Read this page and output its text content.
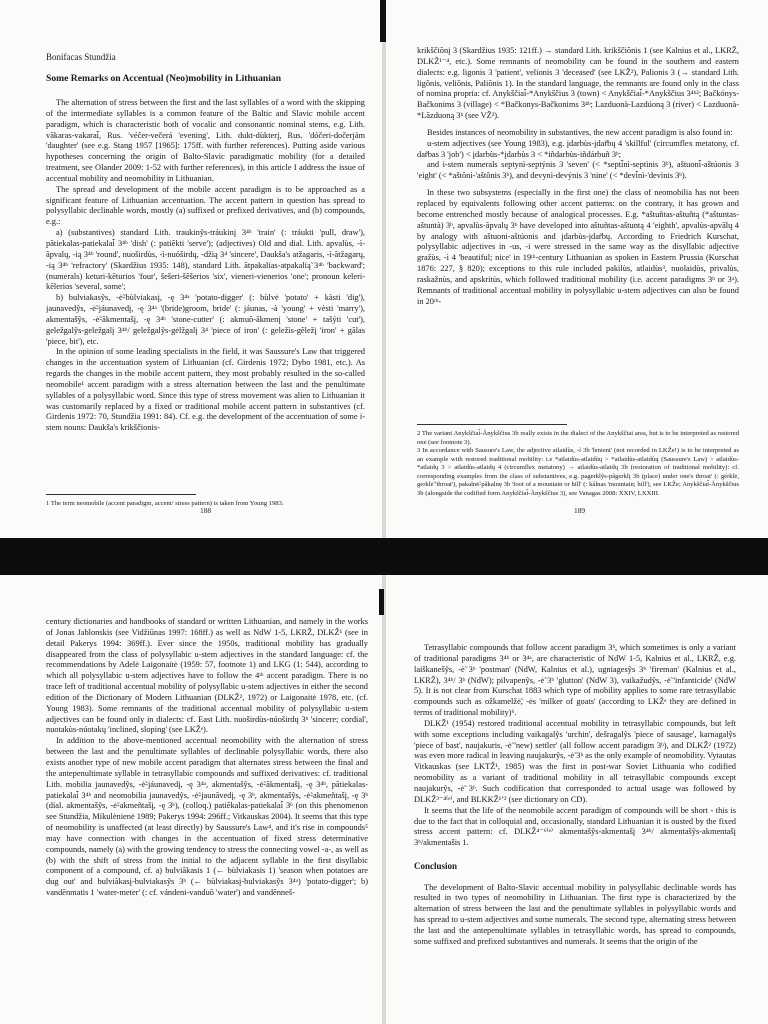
Bonifacas Stundžia
Some Remarks on Accentual (Neo)mobility in Lithuanian

The alternation of stress between the first and the last syllables of a word with the skipping of the intermediate syllables is a common feature of the Baltic and Slavic mobile accent paradigm, which is characteristic both of vocalic and consonantic nominal stems, e.g. Lith. vãkaras-vakarai̇̃, Rus. 'véčer-večerá 'evening', Lith. dukt-dùkterį, Rus. 'dóčeri-dočerjám 'daughter' (see e.g. Stang 1957 [1965]: 175ff. with further references). Putting aside various hypotheses concerning the origin of Balto-Slavic paradigmatic mobility (for a detailed treatment, see Olander 2009: 1-52 with further references), in this article I address the issue of accentual mobility and neomobility in Lithuanian.

The spread and development of the mobile accent paradigm is to be approached as a significant feature of Lithuanian accentuation. The accent pattern in question has spread to polysyllabic declinable words, mostly (a) suffixed or prefixed derivatives, and (b) compounds, e.g.:

a) (substantives) standard Lith. traukinỹs-tráukinį 3⁴ᵇ 'train' (: tráukti 'pull, draw'), pãtiekalas-patiekalai̇̃ 3⁴ᵇ 'dish' (: patiẽkti 'serve'); (adjectives) Old and dial. Lith. apvalùs, -ì-ãpvalų, -ią 3⁴ᵇ 'round', nuoširdùs, -ì-nuóširdų, -džią 3⁴ 'sincere', Daukša's atžagaris, -ì-ãtžagarų, -ią 3⁴ᵇ 'refractory' (Skardžius 1935: 148), standard Lith. ãtpakalias-atpakalią̃ 3⁴ᵇ 'backward'; (numerals) keturi-kẽturios 'four', šešeri-šẽšerios 'six', vieneri-vienerios 'one'; pronoun keleri-kẽlerios 'several, some';

b) bulviakasỹs, -ė̃-bùlviakasį, -ę 3⁴ᵃ 'potato-digger' (: bùlvė 'potato' + kàsti 'dig'), jaunavedỹs, -ė̃-jáunavedį, -ę 3⁴ᵃ '(bride)groom, bride' (: jáunas, -à 'young' + vèsti 'marry'), akmentašỹs, -ė̃-ãkmentašį, -ę 3⁴ᵇ 'stone-cutter' (: akmuõ-ãkmenį 'stone' + tašýti 'cut'), geležgalỹs-geležgalį 3⁴ᵇ/ geležgalỹs-gėlžgalį 3⁴ 'piece of iron' (: geležìs-gẽležį 'iron' + gãlas 'piece, bit'), etc.

In the opinion of some leading specialists in the field, it was Saussure's Law that triggered changes in the accentuation system of Lithuanian (cf. Girdenis 1972; Dybo 1981, etc.). As regards the changes in the mobile accent pattern, they most probably resulted in the so-called neomobile¹ accent paradigm with a stress alternation between the last and the penultimate syllables of a polysyllabic word. Since this type of stress movement was alien to Lithuanian it was customarily replaced by a fixed or traditional mobile accent pattern in substantives (cf. Girdenis 1972: 70, Stundžia 1991: 84). Cf. e.g. the development of the accentuation of some i-stem nouns: Daukša's krikščionis-

1 The term neomobile (accent paradigm, accent/ stress pattern) is taken from Young 1983.
188

krikščiõnį 3 (Skardžius 1935: 121ff.) → standard Lith. krikščiõnis 1 (see Kalnius et al., LKRŽ, DLKŽ¹⁻⁴, etc.). Some remnants of neomobility can be found in the southern and eastern dialects: e.g. ligonis 3 'patient', velionis 3 'deceased' (see LKŽ²), Palionis 3 (→ standard Lith. ligõnis, veliõnis, Paliõnis 1). In the standard language, the remnants are found only in the class of nomina propria: cf. Anykščiai̇̃-*Anykščius 3 (town) < Anykščiai̇̃-*Anykščius 3⁴ᵇ²; Bačkónys-Bačkonims 3 (village) < *Bačkonys-Bačkonims 3⁴ᵇ; Lazduonà-Lazdúoną 3 (river) < Lazduonà-*Lãzduoną 3ᵇ (see VŽ²).

Besides instances of neomobility in substantives, the new accent paradigm is also found in:

u-stem adjectives (see Young 1983), e.g. įdarbùs-įdar̃bų 4 'skillful' (circumflex metatony, cf. dar̃bas 3 'job') < įdarbùs-*įdarbùs 3 < *iñdarbùs-iñdárbuñ 3ᵇ;

and i-stem numerals septynì-septýnis 3 'seven' (< *septi̇̃nì-septìnis 3ᵇ), aštuoni̇̃-aštúonis 3 'eight' (< *aštõnì-'aštõnis 3ᵇ), and devynì-devýnis 3 'nine' (< *devi̇̃nì-'devìnis 3ᵇ).

In these two subsystems (especially in the first one) the class of neomobilia has not been replaced by equivalents following other accent patterns: on the contrary, it has grown and become entrenched mostly because of analogical processes. E.g. *aštuñtas-aštuñtą (*aštuntas-aštuntà) 3ᵇ, apvalùs-ãpvalų 3ᵇ have developed into aštuñtas-aštuntą 4 'eighth', apvalùs-apvãlų 4 by analogy with aštuoni-aštúonis and įdarbùs-įdar̃bų. According to Friedrich Kurschat, polysyllabic adjectives in -us, -i were stressed in the same way as the disyllabic adjective gražùs, -ì 4 'beautiful; nice' in 19ᵗʰ-century Lithuanian as spoken in Eastern Prussia (Kurschat 1876: 227, § 820); exceptions to this rule included pakilùs, atlaidùs³, nuolaidùs, privalùs, raskažnùs, and apskritùs, which followed traditional mobility (i.e. accent paradigms 3ᵇ or 3ᵃ). Remnants of traditional accentual mobility in polysyllabic u-stem adjectives can also be found in 20ᵗʰ-

2 The variant Anykščiai̇̃-Ãnykščius 3b really exists in the dialect of the Anykščiai area, but is to be interpreted as restored one (see footnote 3).
3 In accordance with Sausure's Law, the adjective atlaidùs, -ì 3b 'lenient' (not recorded in LKŽe!) is to be interpreted as an example with restored traditional mobility: i.e *atlaidùs-atlaidùų > *atlaidùs-atlaidùų (Saussure's Law) > atlaidùs-*atlaidų 3 > atlaidùs-atlaidų 4 (circumflex metatony) → atlaidùs-atlaidų 3b (restoration of traditional mobility): cf. corresponding examples from the class of substantives, e.g. pagerklỹs-pãgerklį 3b (place) under one's throat' (: gérklė, gerklė̃ 'throat'), pakalnė̃-pãkalnę 3b 'foot of a mountain or hill' (: kálnas 'mountain; hill'), see LKŽe; Anykščiai̇̃-Ãnykščius 3b (alongside the codified form Anykščiai̇̃-Ãnykščius 3), see Vanagas 2008: XXIV, LXXIII.
189

century dictionaries and handbooks of standard or written Lithuanian, and namely in the works of Jonas Jablonskis (see Vidžiūnas 1997: 168ff.) as well as NdW 1-5, LKRŽ, DLKŽ¹ (see in detail Pakerys 1994: 369ff.). Ever since the 1950s, traditional mobility has gradually disappeared from the class of polysyllabic u-stem adjectives in the standard language: cf. the recommendations by Adelė Laigonaitė (1959: 57, footnote 1) and LKG (1: 544), according to which all polysyllabic u-stem adjectives have to follow the 4ᵗʰ accent paradigm. There is no trace left of traditional accentual mobility of polysyllabic u-stem adjectives in either the second edition of the Dictionary of Modern Lithuanian (DLKŽ², 1972) or Laigonaitė 1978, etc. (cf. Young 1983). Some remnants of the traditional accentual mobility of polysyllabic u-stem adjectives can be found only in dialects: cf. East Lith. nuoširdùs-núoširdų 3ᵇ 'sincere; cordial', nuotakùs-núotakų 'inclined, sloping' (see LKŽᵉ).

In addition to the above-mentioned accentual neomobility with the alternation of stress between the last and the penultimate syllables of declinable polysyllabic words, there also exists another type of new mobile accent paradigm that alternates stress between the final and the antepenultimate syllable in tetrasyllabic compounds and suffixed derivatives: cf. traditional Lith. mobilia jaunavedỹs, -ė̃-jáunavedį, -ę 3⁴ᵃ, akmentašỹs, -ė̃-ãkmentašį, -ę 3⁴ᵇ, pãtiekalas-patiekalai̇̃ 3⁴ᵇ and neomobilia jaunavedỹs, -ė̃-jaunãvedį, -ę 3ᵇ, akmentašỹs, -ė̃-akmeñtašį, -ę 3ᵇ (dial. akmentašỹs, -ė̃-akmeñtašį, -ę 3ᵇ), (colloq.) patiẽkalas-patiekalai̇̃ 3ᵇ (on this phenomenon see Stundžia, Mikulėnienė 1989; Pakerys 1994: 296ff.; Vitkauskas 2004). It seems that this type of neomobility is unaffected (at least directly) by Saussure's Law⁴, and it's rise in compounds⁵ may have connection with changes in the accentuation of fixed stress determinative compounds, namely (a) with the growing tendency to stress the connecting vowel -a-, as well as (b) with the shift of stress from the initial to the adjacent syllable in the first disyllabic component of a compound, cf. a) bulviãkasis 1 (← bùlviakasis 1) 'season when potatoes are dug out' and bulviãkasį-bulviakasỹs 3ᵇ (← bùlviakasį-bulviakasỹs 3⁴ᵃ) 'potato-digger'; b) vandẽnmatis 1 'water-meter' (: cf. vándeni-vanduõ 'water') and vandẽnneš-

Tetrasyllabic compounds that follow accent paradigm 3ᵇ, which sometimes is only a variant of traditional paradigms 3⁴ᵇ or 3⁴ᵃ, are characteristic of NdW 1-5, Kalnius et al., LKRŽ, e.g. laiškanešỹs, -ė̃ 3ᵇ 'postman' (NdW, Kalnius et al.), ugniagesỹs 3ᵇ 'fireman' (Kalnius et al., LKRŽ), 3⁴ᵇ/ 3ᵇ (NdW); pilvapenỹs, -ė̃ 3ᵇ 'glutton' (NdW 3), vaikažudỹs, -ė̃ 'infanticide' (NdW 5). It is not clear from Kurschat 1883 which type of mobility applies to some rare tetrasyllabic compounds such as ožkamelžė̃, -ės 'milker of goats' (according to LKŽᵉ they are defined in terms of traditional mobility)⁶.

DLKŽ¹ (1954) restored traditional accentual mobility in tetrasyllabic compounds, but left with some exceptions including vaikagalỹs 'urchin', dešragalỹs 'piece of sausage', karnagalỹs 'piece of bast', naujakuris, -ė̃ 'new) settler' (all follow accent paradigm 3ᵇ), and DLKŽ² (1972) was even more radical in leaving naujakurỹs, -ė̃ 3ᵇ as the only example of neomobility. Vytautas Vitkauskas (see LKTŽ¹, 1985) was the first in post-war Soviet Lithuania who codified neomobility as a variant of traditional mobility in all tetrasyllabic compounds except naujakurỹs, -ė̃ 3ᵇ. Such codification that corresponded to actual usage was followed by DLKŽ³⁻⁴⁽ᵉ⁾, and BLKKŽ¹ʼ² (see dictionary on CD).

It seems that the life of the neomobile accent paradigm of compounds will be short - this is due to the fact that in colloquial and, occasionally, standard Lithuanian it is ousted by the fixed stress accent pattern: cf. DLKŽ⁴⁻⁶⁽ᵉ⁾ akmentašỹs-akmentašį 3⁴ᵇ/ akmentašỹs-akmentašį 3ᵇ/akmentašis 1.

Conclusion

The development of Balto-Slavic accentual mobility in polysyllabic declinable words has resulted in two types of neomobility in Lithuanian. The first type is characterized by the alternation of stress between the last and the penultimate syllables in polysyllabic words and has spread to u-stem adjectives and some numerals. The second type, alternating stress between the last and the antepenultimate syllables in tetrasyllabic words, has spread to compounds, some suffixed and prefixed substantives and numerals. It seems that the origin of the
